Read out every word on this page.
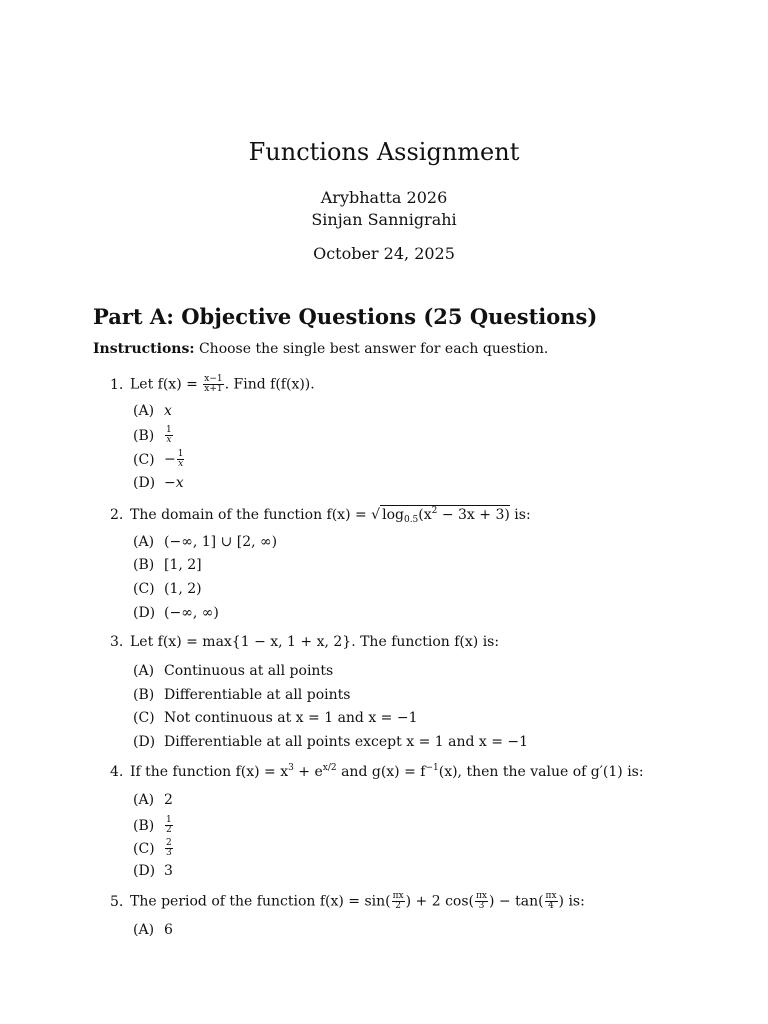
Functions Assignment
Arybhatta 2026
Sinjan Sannigrahi
October 24, 2025
Part A: Objective Questions (25 Questions)
Instructions: Choose the single best answer for each question.
1. Let $f(x) = \frac{x-1}{x+1}$ . Find f(f(x)).
(A) x
$(B) \frac{1}{x}$
$(C) - \frac{1}{x}$
(D) −x
2. The domain of the function f(x) = √ $\log_{0.5}(x^2 - 3x + 3)$ is:
(A) (−∞, 1] ∪ [2, ∞)
(B) [1, 2]
(C) (1, 2)
(D) (−∞, ∞)
3. Let f(x) = max{1 − x, 1 + x, 2}. The function f(x) is:
(A) Continuous at all points
(B) Differentiable at all points
(C) Not continuous at x = 1 and x = −1
(D) Differentiable at all points except x = 1 and x = −1
4. If the function $f(x) = x^3 + e^{x/2}$ and $g(x) = f^{-1}(x)$, then the value of g′(1) is:
(A) 2
$(B) \frac{1}{2}$
$(C) \frac{2}{3}$
(D) 3
5. The period of the function $f(x) = \sin( \frac{\pi x}{2}$ ) + 2 $\cos( \frac{\pi x}{3}$ ) − $\tan( \frac{\pi x}{4}$ ) is:
(A) 6
